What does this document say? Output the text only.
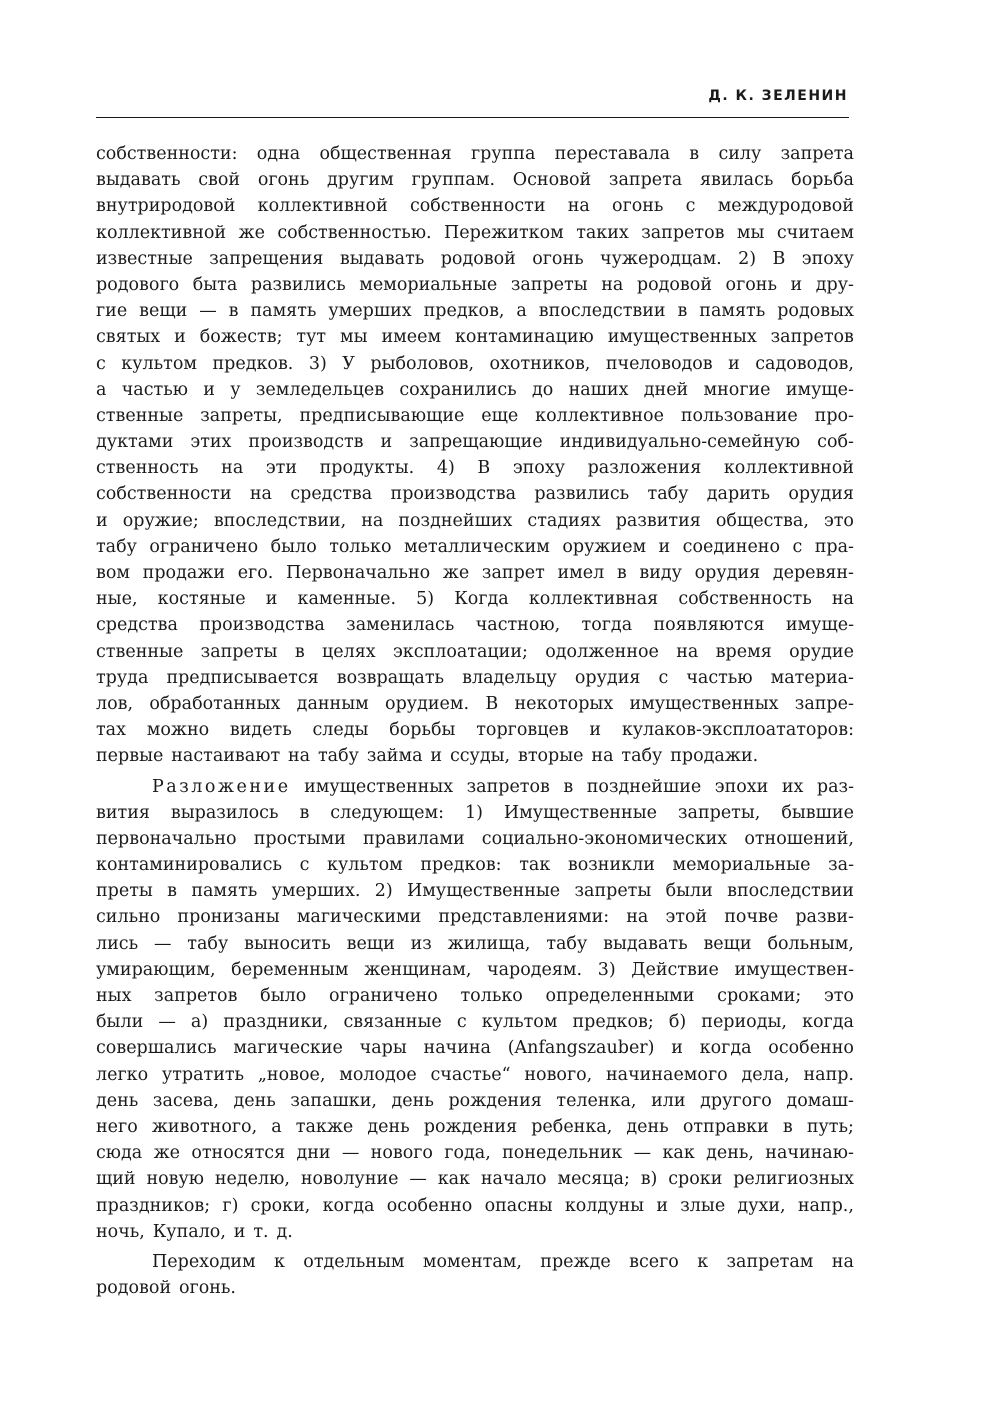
Д. К. ЗЕЛЕНИН
собственности: одна общественная группа переставала в силу запрета
выдавать свой огонь другим группам. Основой запрета явилась борьба
внутриродовой коллективной собственности на огонь с междуродовой
коллективной же собственностью. Пережитком таких запретов мы считаем
известные запрещения выдавать родовой огонь чужеродцам. 2) В эпоху
родового быта развились мемориальные запреты на родовой огонь и дру-
гие вещи — в память умерших предков, а впоследствии в память родовых
святых и божеств; тут мы имеем контаминацию имущественных запретов
с культом предков. 3) У рыболовов, охотников, пчеловодов и садоводов,
а частью и у земледельцев сохранились до наших дней многие имуще-
ственные запреты, предписывающие еще коллективное пользование про-
дуктами этих производств и запрещающие индивидуально-семейную соб-
ственность на эти продукты. 4) В эпоху разложения коллективной
собственности на средства производства развились табу дарить орудия
и оружие; впоследствии, на позднейших стадиях развития общества, это
табу ограничено было только металлическим оружием и соединено с пра-
вом продажи его. Первоначально же запрет имел в виду орудия деревян-
ные, костяные и каменные. 5) Когда коллективная собственность на
средства производства заменилась частною, тогда появляются имуще-
ственные запреты в целях эксплоатации; одолженное на время орудие
труда предписывается возвращать владельцу орудия с частью материа-
лов, обработанных данным орудием. В некоторых имущественных запре-
тах можно видеть следы борьбы торговцев и кулаков-эксплоататоров:
первые настаивают на табу займа и ссуды, вторые на табу продажи.
Разложение имущественных запретов в позднейшие эпохи их раз-
вития выразилось в следующем: 1) Имущественные запреты, бывшие
первоначально простыми правилами социально-экономических отношений,
контаминировались с культом предков: так возникли мемориальные за-
преты в память умерших. 2) Имущественные запреты были впоследствии
сильно пронизаны магическими представлениями: на этой почве разви-
лись — табу выносить вещи из жилища, табу выдавать вещи больным,
умирающим, беременным женщинам, чародеям. 3) Действие имуществен-
ных запретов было ограничено только определенными сроками; это
были — а) праздники, связанные с культом предков; б) периоды, когда
совершались магические чары начина (Anfangszauber) и когда особенно
легко утратить „новое, молодое счастье“ нового, начинаемого дела, напр.
день засева, день запашки, день рождения теленка, или другого домаш-
него животного, а также день рождения ребенка, день отправки в путь;
сюда же относятся дни — нового года, понедельник — как день, начинаю-
щий новую неделю, новолуние — как начало месяца; в) сроки религиозных
праздников; г) сроки, когда особенно опасны колдуны и злые духи, напр.,
ночь, Купало, и т. д.
Переходим к отдельным моментам, прежде всего к запретам на
родовой огонь.
